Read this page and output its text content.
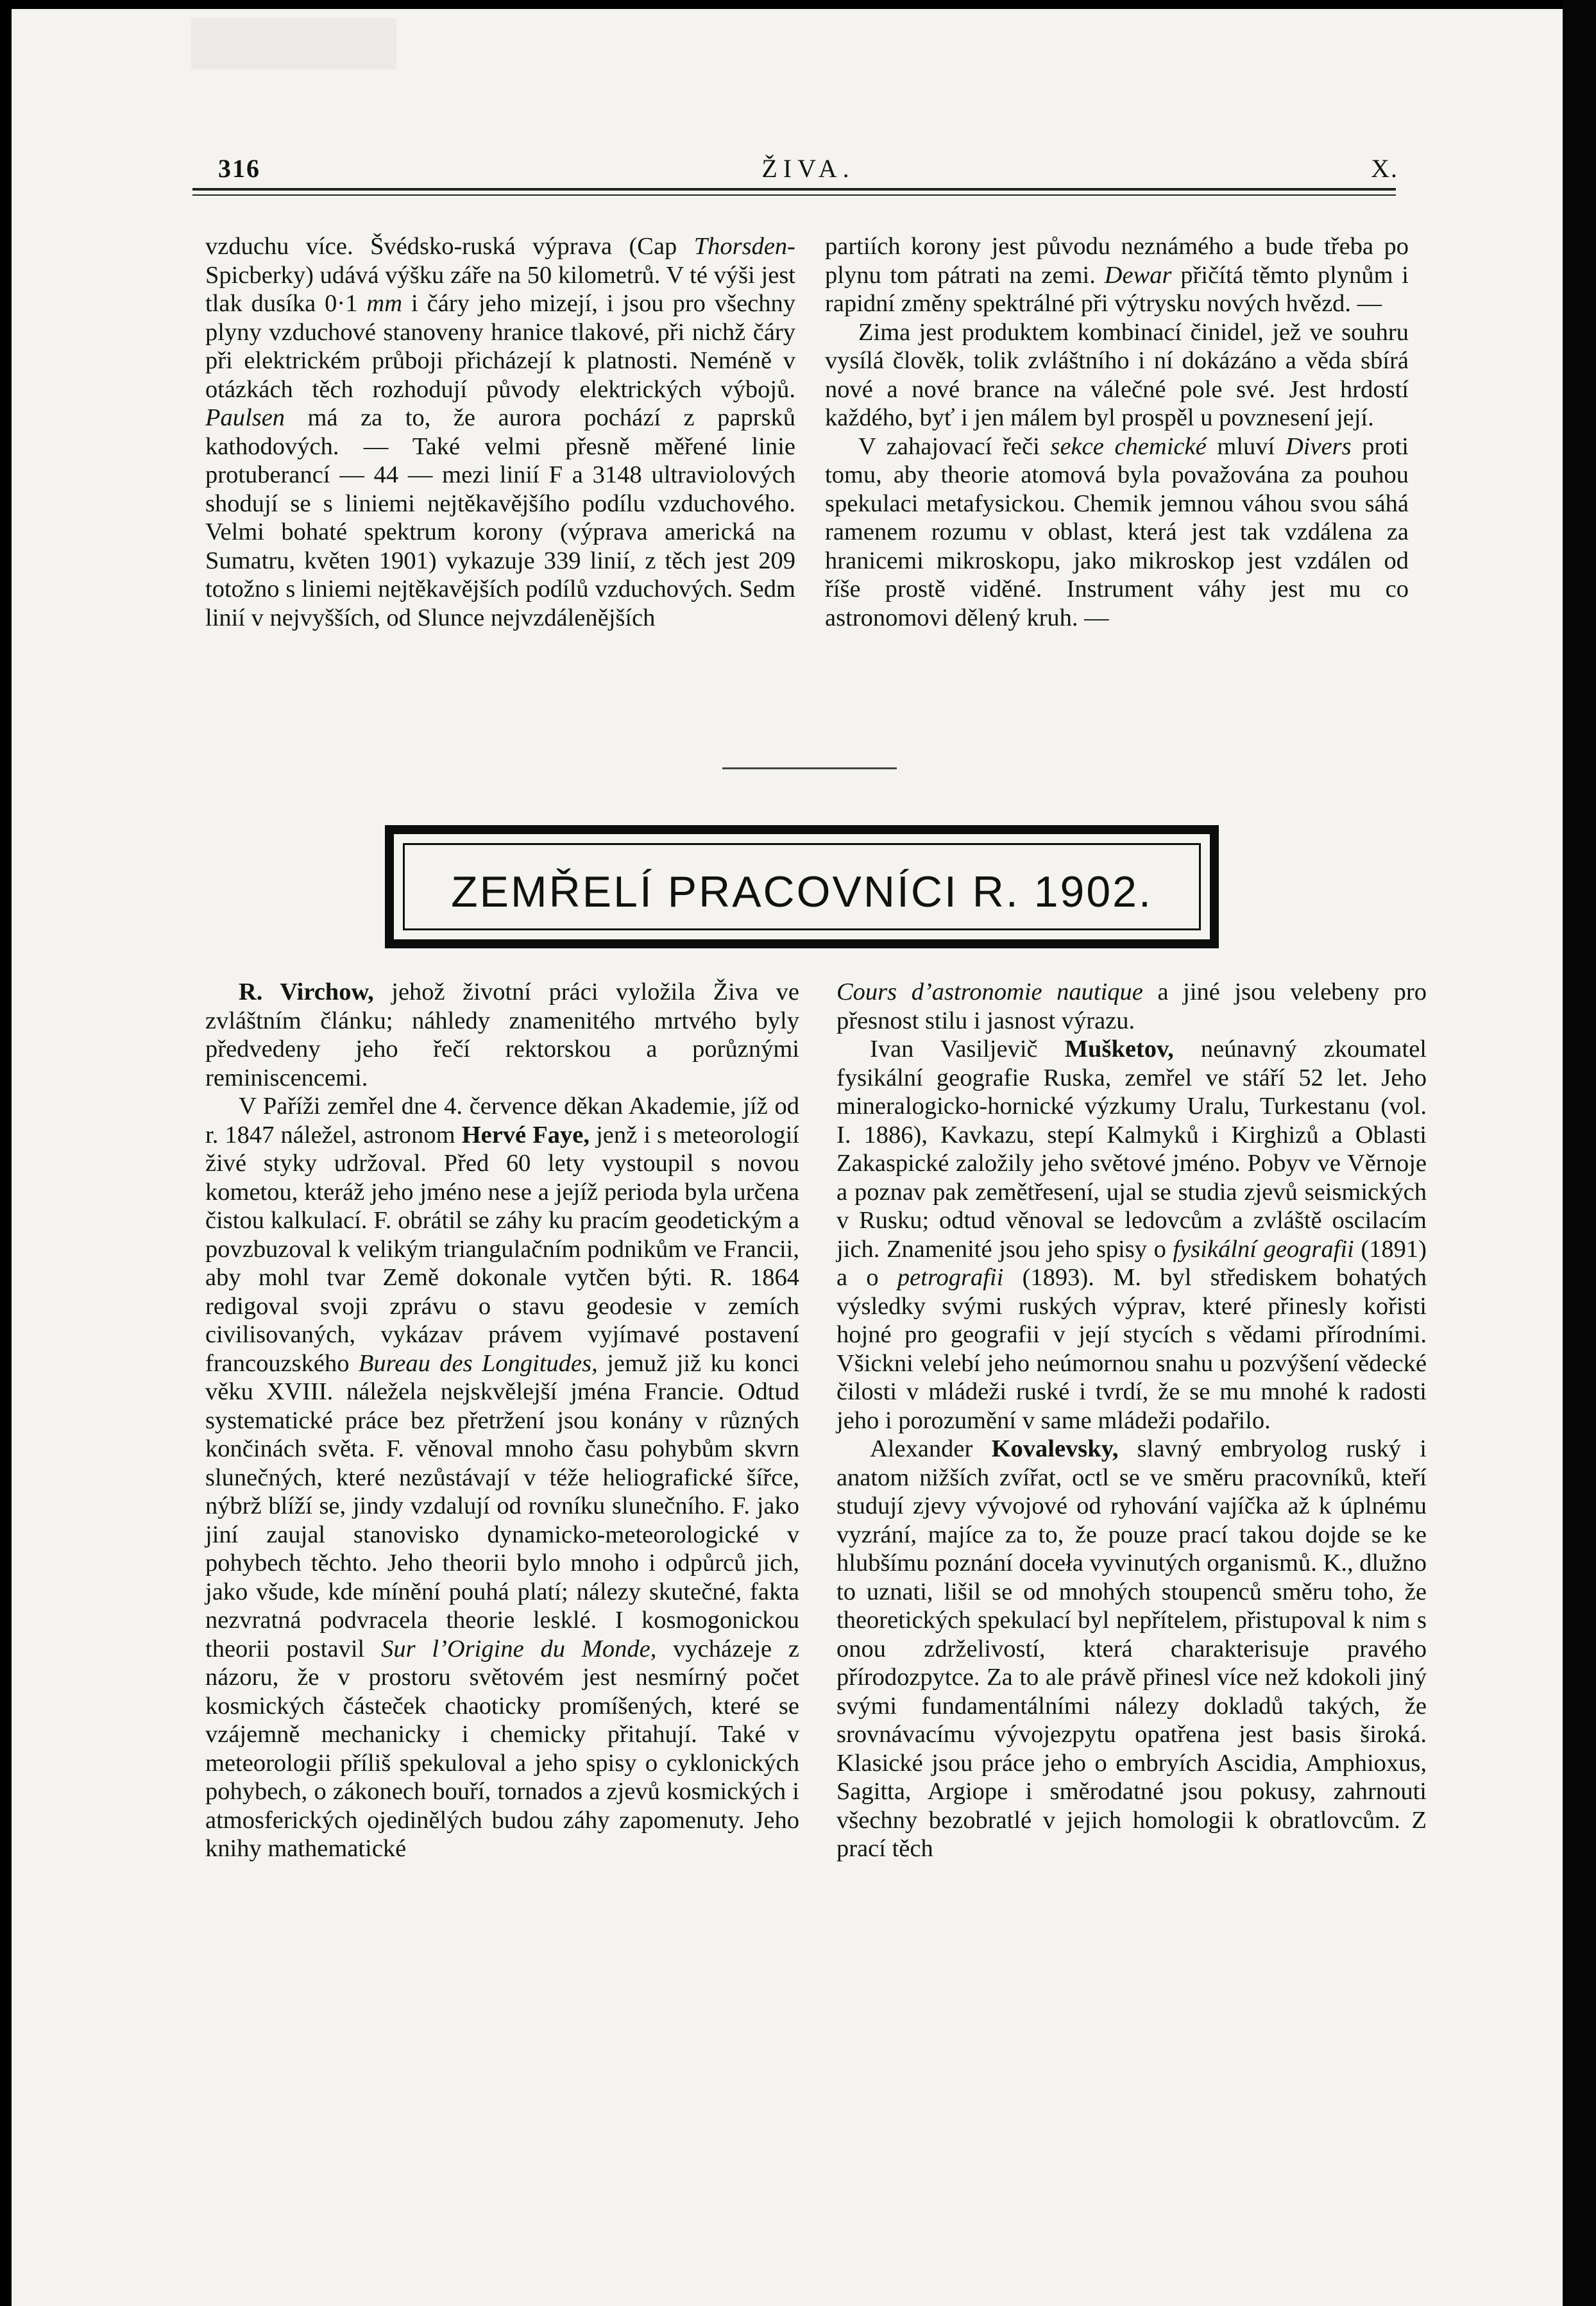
316	ŽIVA.	X.

vzduchu více. Švédsko-ruská výprava (Cap Thorsden-Spicberky) udává výšku záře na 50 kilometrů. V té výši jest tlak dusíka 0·1 mm i čáry jeho mizejí, i jsou pro všechny plyny vzduchové stanoveny hranice tlakové, při nichž čáry při elektrickém průboji přicházejí k platnosti. Neméně v otázkách těch rozhodují původy elektrických výbojů. Paulsen má za to, že aurora pochází z paprsků kathodových. — Také velmi přesně měřené linie protuberancí — 44 — mezi linií F a 3148 ultraviolových shodují se s liniemi nejtěkavějšího podílu vzduchového. Velmi bohaté spektrum korony (výprava americká na Sumatru, květen 1901) vykazuje 339 linií, z těch jest 209 totožno s liniemi nejtěkavějších podílů vzduchových. Sedm linií v nejvyšších, od Slunce nejvzdálenějších

partiích korony jest původu neznámého a bude třeba po plynu tom pátrati na zemi. Dewar přičítá těmto plynům i rapidní změny spektrálné při výtrysku nových hvězd. —

Zima jest produktem kombinací činidel, jež ve souhru vysílá člověk, tolik zvláštního i ní dokázáno a věda sbírá nové a nové brance na válečné pole své. Jest hrdostí každého, byť i jen málem byl prospěl u povznesení její.

V zahajovací řeči sekce chemické mluví Divers proti tomu, aby theorie atomová byla považována za pouhou spekulaci metafysickou. Chemik jemnou váhou svou sáhá ramenem rozumu v oblast, která jest tak vzdálena za hranicemi mikroskopu, jako mikroskop jest vzdálen od říše prostě viděné. Instrument váhy jest mu co astronomovi dělený kruh. —

ZEMŘELÍ PRACOVNÍCI R. 1902.

R. Virchow, jehož životní práci vyložila Živa ve zvláštním článku; náhledy znamenitého mrtvého byly předvedeny jeho řečí rektorskou a porůznými reminiscencemi.

V Paříži zemřel dne 4. července děkan Akademie, jíž od r. 1847 náležel, astronom Hervé Faye, jenž i s meteorologií živé styky udržoval. Před 60 lety vystoupil s novou kometou, kteráž jeho jméno nese a jejíž perioda byla určena čistou kalkulací. F. obrátil se záhy ku pracím geodetickým a povzbuzoval k velikým triangulačním podnikům ve Francii, aby mohl tvar Země dokonale vytčen býti. R. 1864 redigoval svoji zprávu o stavu geodesie v zemích civilisovaných, vykázav právem vyjímavé postavení francouzského Bureau des Longitudes, jemuž již ku konci věku XVIII. náležela nejskvělejší jména Francie. Odtud systematické práce bez přetržení jsou konány v různých končinách světa. F. věnoval mnoho času pohybům skvrn slunečných, které nezůstávají v téže heliografické šířce, nýbrž blíží se, jindy vzdalují od rovníku slunečního. F. jako jiní zaujal stanovisko dynamicko-meteorologické v pohybech těchto. Jeho theorii bylo mnoho i odpůrců jich, jako všude, kde mínění pouhá platí; nálezy skutečné, fakta nezvratná podvracela theorie lesklé. I kosmogonickou theorii postavil Sur l’Origine du Monde, vycházeje z názoru, že v prostoru světovém jest nesmírný počet kosmických částeček chaoticky promíšených, které se vzájemně mechanicky i chemicky přitahují. Také v meteorologii příliš spekuloval a jeho spisy o cyklonických pohybech, o zákonech bouří, tornados a zjevů kosmických i atmosferických ojedinělých budou záhy zapomenuty. Jeho knihy mathematické

Cours d’astronomie nautique a jiné jsou velebeny pro přesnost stilu i jasnost výrazu.

Ivan Vasiljevič Mušketov, neúnavný zkoumatel fysikální geografie Ruska, zemřel ve stáří 52 let. Jeho mineralogicko-hornické výzkumy Uralu, Turkestanu (vol. I. 1886), Kavkazu, stepí Kalmyků i Kirghizů a Oblasti Zakaspické založily jeho světové jméno. Pobyv ve Věrnoje a poznav pak zemětřesení, ujal se studia zjevů seismických v Rusku; odtud věnoval se ledovcům a zvláště oscilacím jich. Znamenité jsou jeho spisy o fysikální geografii (1891) a o petrografii (1893). M. byl střediskem bohatých výsledky svými ruských výprav, které přinesly kořisti hojné pro geografii v její stycích s vědami přírodními. Všickni velebí jeho neúmornou snahu u pozvýšení vědecké čilosti v mládeži ruské i tvrdí, že se mu mnohé k radosti jeho i porozumění v same mládeži podařilo.

Alexander Kovalevsky, slavný embryolog ruský i anatom nižších zvířat, octl se ve směru pracovníků, kteří studují zjevy vývojové od ryhování vajíčka až k úplnému vyzrání, majíce za to, že pouze prací takou dojde se ke hlubšímu poznání doceła vyvinutých organismů. K., dlužno to uznati, lišil se od mnohých stoupenců směru toho, že theoretických spekulací byl nepřítelem, přistupoval k nim s onou zdrželivostí, která charakterisuje pravého přírodozpytce. Za to ale právě přinesl více než kdokoli jiný svými fundamentálními nálezy dokladů takých, že srovnávacímu vývojezpytu opatřena jest basis široká. Klasické jsou práce jeho o embryích Ascidia, Amphioxus, Sagitta, Argiope i směrodatné jsou pokusy, zahrnouti všechny bezobratlé v jejich homologii k obratlovcům. Z prací těch
